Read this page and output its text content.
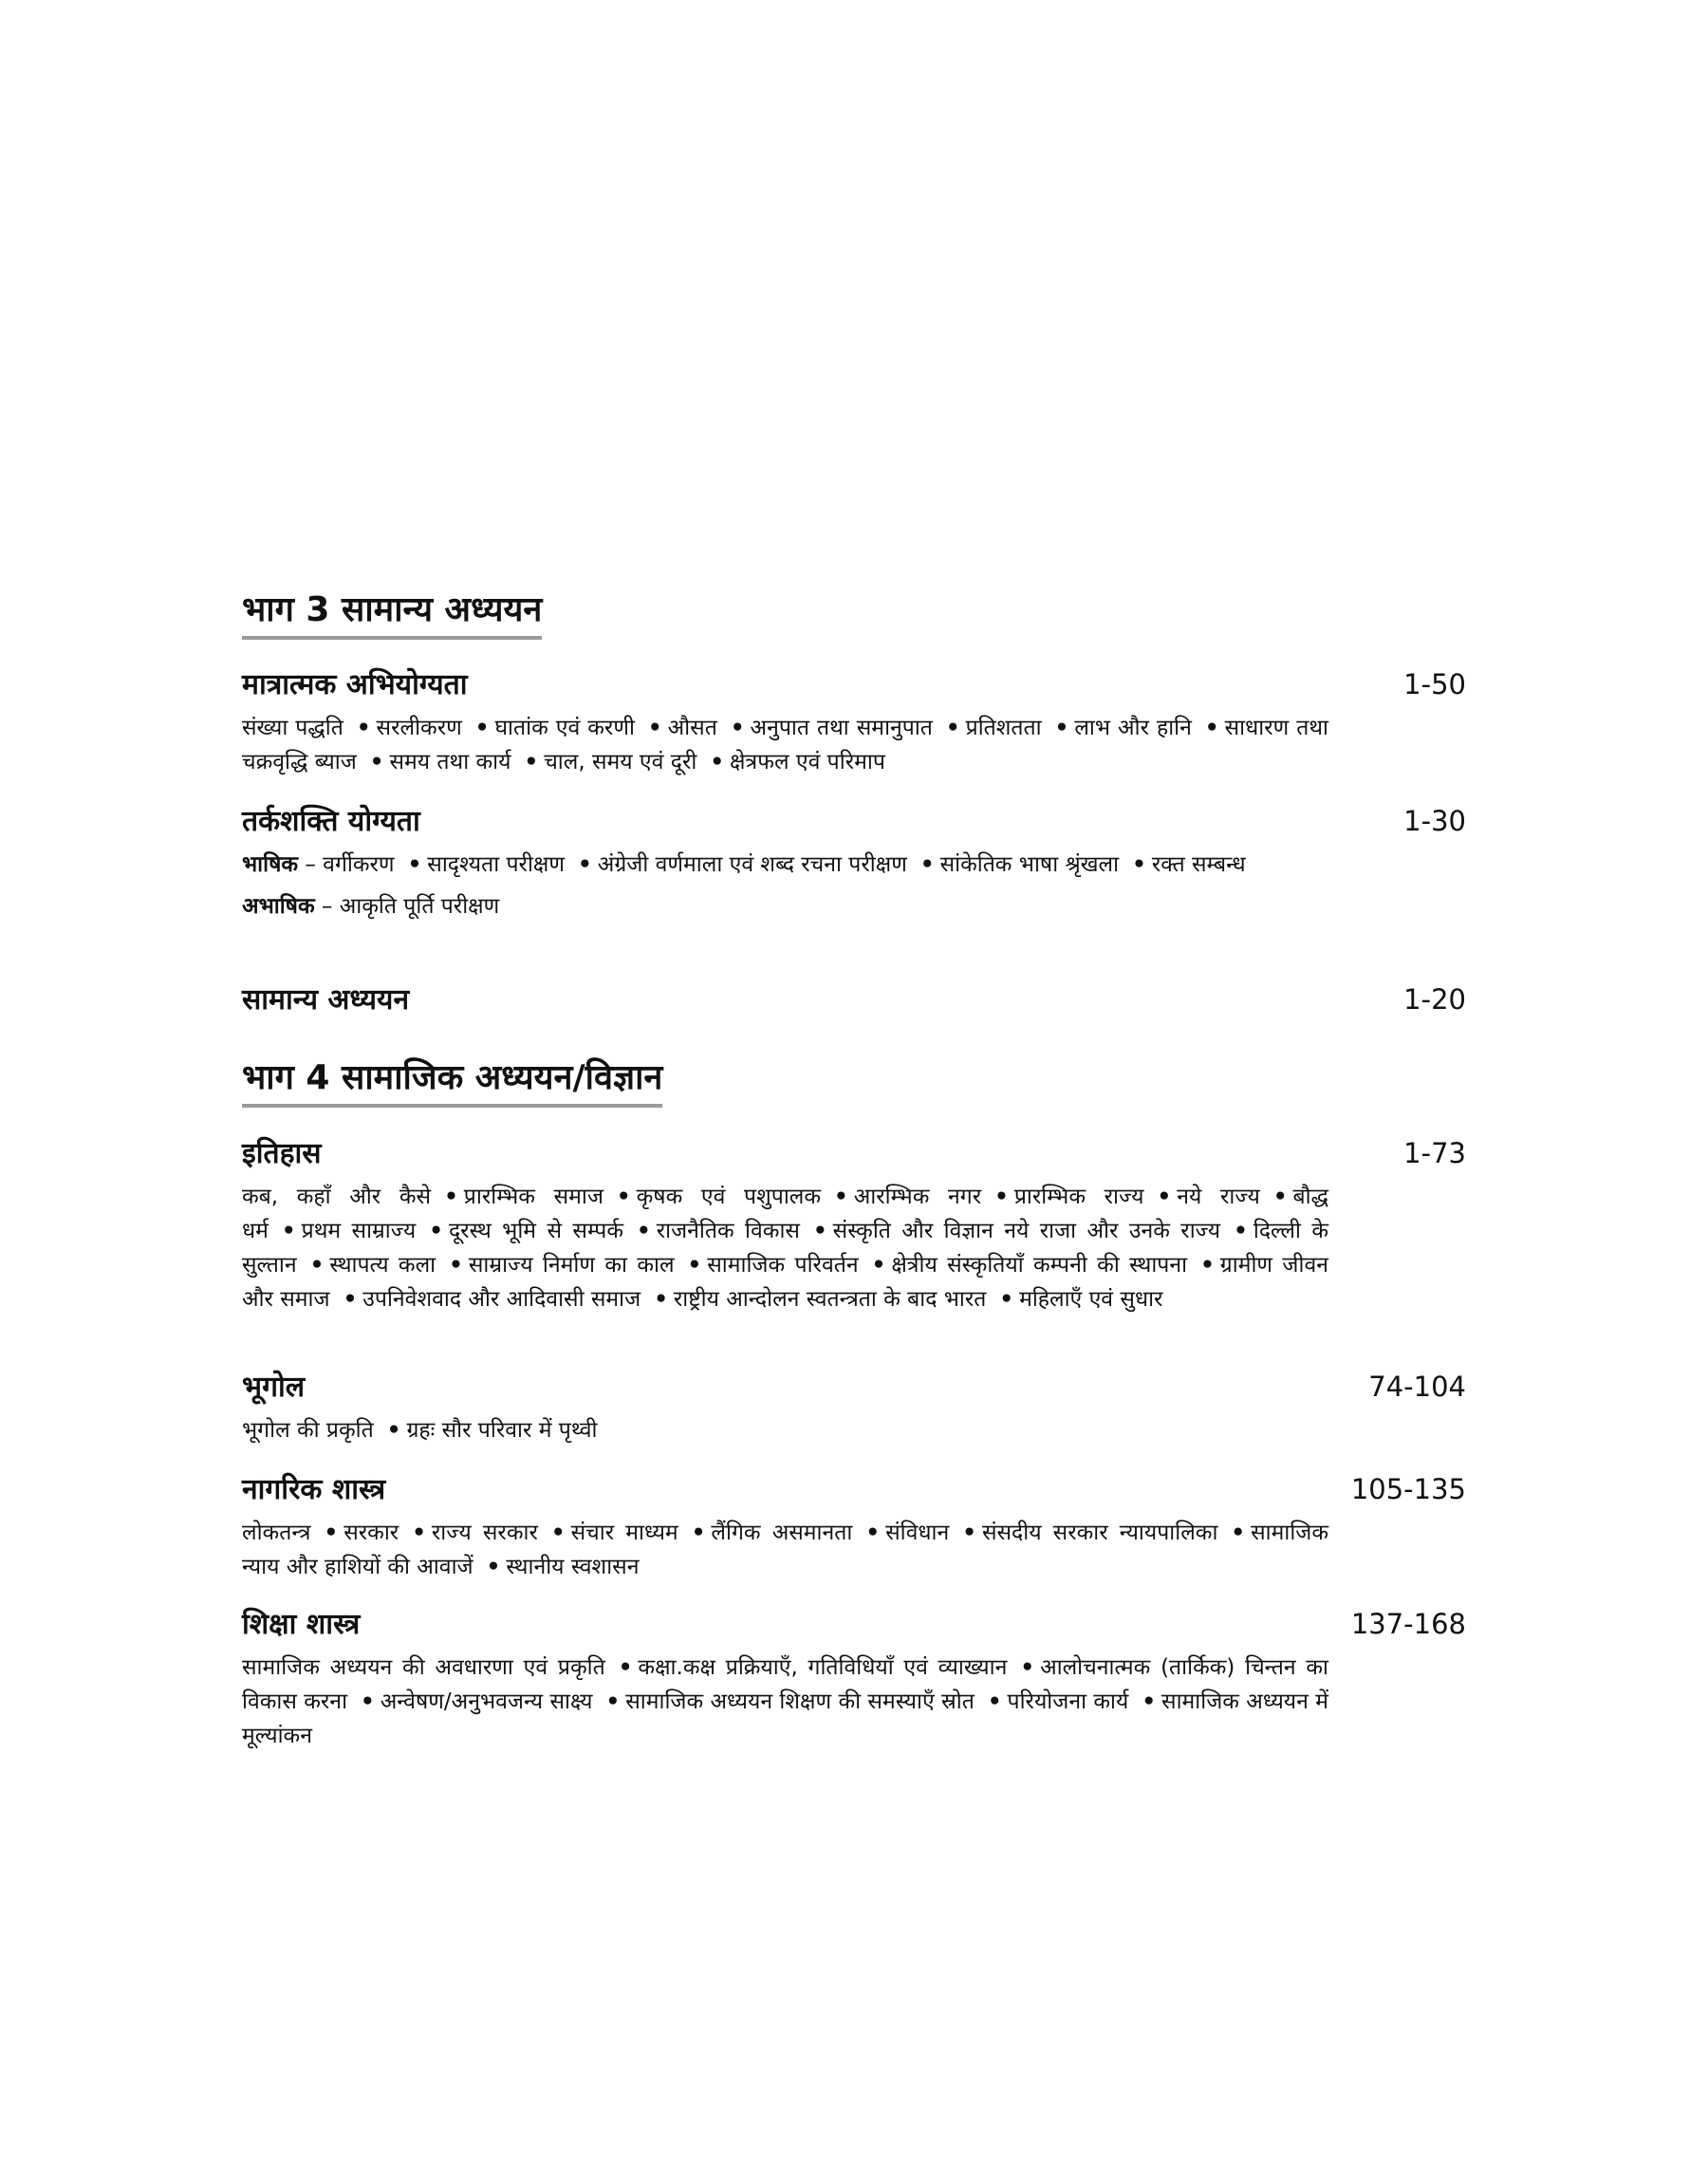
भाग 3 सामान्य अध्ययन
मात्रात्मक अभियोग्यता	1-50
संख्या पद्धति • सरलीकरण • घातांक एवं करणी • औसत • अनुपात तथा समानुपात • प्रतिशतता • लाभ और हानि • साधारण तथा चक्रवृद्धि ब्याज • समय तथा कार्य • चाल, समय एवं दूरी • क्षेत्रफल एवं परिमाप
तर्कशक्ति योग्यता	1-30
भाषिक – वर्गीकरण • सादृश्यता परीक्षण • अंग्रेजी वर्णमाला एवं शब्द रचना परीक्षण • सांकेतिक भाषा श्रृंखला • रक्त सम्बन्ध
अभाषिक – आकृति पूर्ति परीक्षण
सामान्य अध्ययन	1-20
भाग 4 सामाजिक अध्ययन/विज्ञान
इतिहास	1-73
कब, कहाँ और कैसे • प्रारम्भिक समाज • कृषक एवं पशुपालक • आरम्भिक नगर • प्रारम्भिक राज्य • नये राज्य • बौद्ध धर्म • प्रथम साम्राज्य • दूरस्थ भूमि से सम्पर्क • राजनैतिक विकास • संस्कृति और विज्ञान नये राजा और उनके राज्य • दिल्ली के सुल्तान • स्थापत्य कला • साम्राज्य निर्माण का काल • सामाजिक परिवर्तन • क्षेत्रीय संस्कृतियाँ कम्पनी की स्थापना • ग्रामीण जीवन और समाज • उपनिवेशवाद और आदिवासी समाज • राष्ट्रीय आन्दोलन स्वतन्त्रता के बाद भारत • महिलाएँ एवं सुधार
भूगोल	74-104
भूगोल की प्रकृति • ग्रहः सौर परिवार में पृथ्वी
नागरिक शास्त्र	105-135
लोकतन्त्र • सरकार • राज्य सरकार • संचार माध्यम • लैंगिक असमानता • संविधान • संसदीय सरकार न्यायपालिका • सामाजिक न्याय और हाशियों की आवाजें • स्थानीय स्वशासन
शिक्षा शास्त्र	137-168
सामाजिक अध्ययन की अवधारणा एवं प्रकृति • कक्षा.कक्ष प्रक्रियाएँ, गतिविधियाँ एवं व्याख्यान • आलोचनात्मक (तार्किक) चिन्तन का विकास करना • अन्वेषण/अनुभवजन्य साक्ष्य • सामाजिक अध्ययन शिक्षण की समस्याएँ स्रोत • परियोजना कार्य • सामाजिक अध्ययन में मूल्यांकन
